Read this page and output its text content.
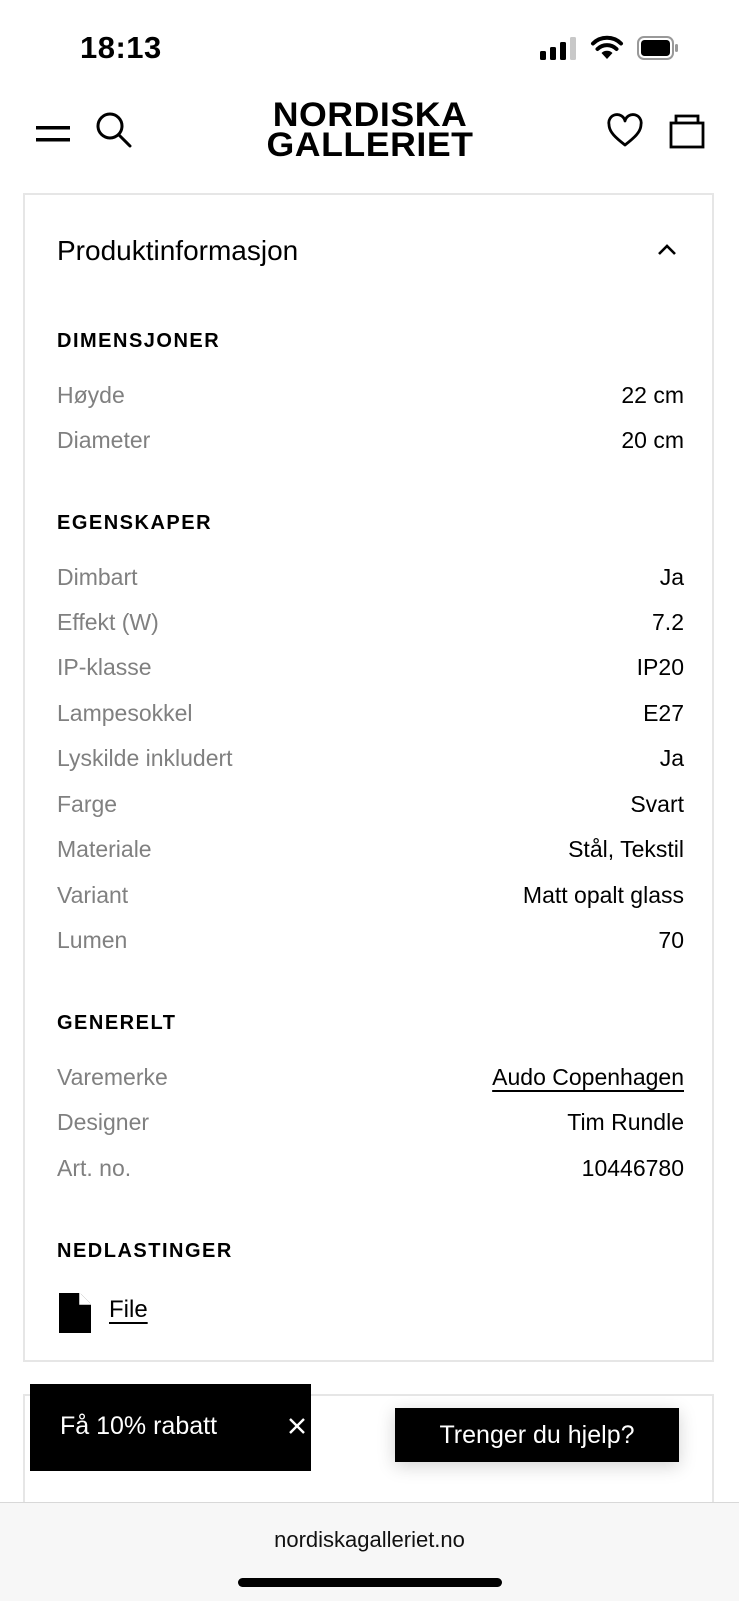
18:13
NORDISKA
GALLERIET
Produktinformasjon
DIMENSJONER
Høyde	22 cm
Diameter	20 cm
EGENSKAPER
Dimbart	Ja
Effekt (W)	7.2
IP-klasse	IP20
Lampesokkel	E27
Lyskilde inkludert	Ja
Farge	Svart
Materiale	Stål, Tekstil
Variant	Matt opalt glass
Lumen	70
GENERELT
Varemerke	Audo Copenhagen
Designer	Tim Rundle
Art. no.	10446780
NEDLASTINGER
File
Få 10% rabatt	Trenger du hjelp?
nordiskagalleriet.no
